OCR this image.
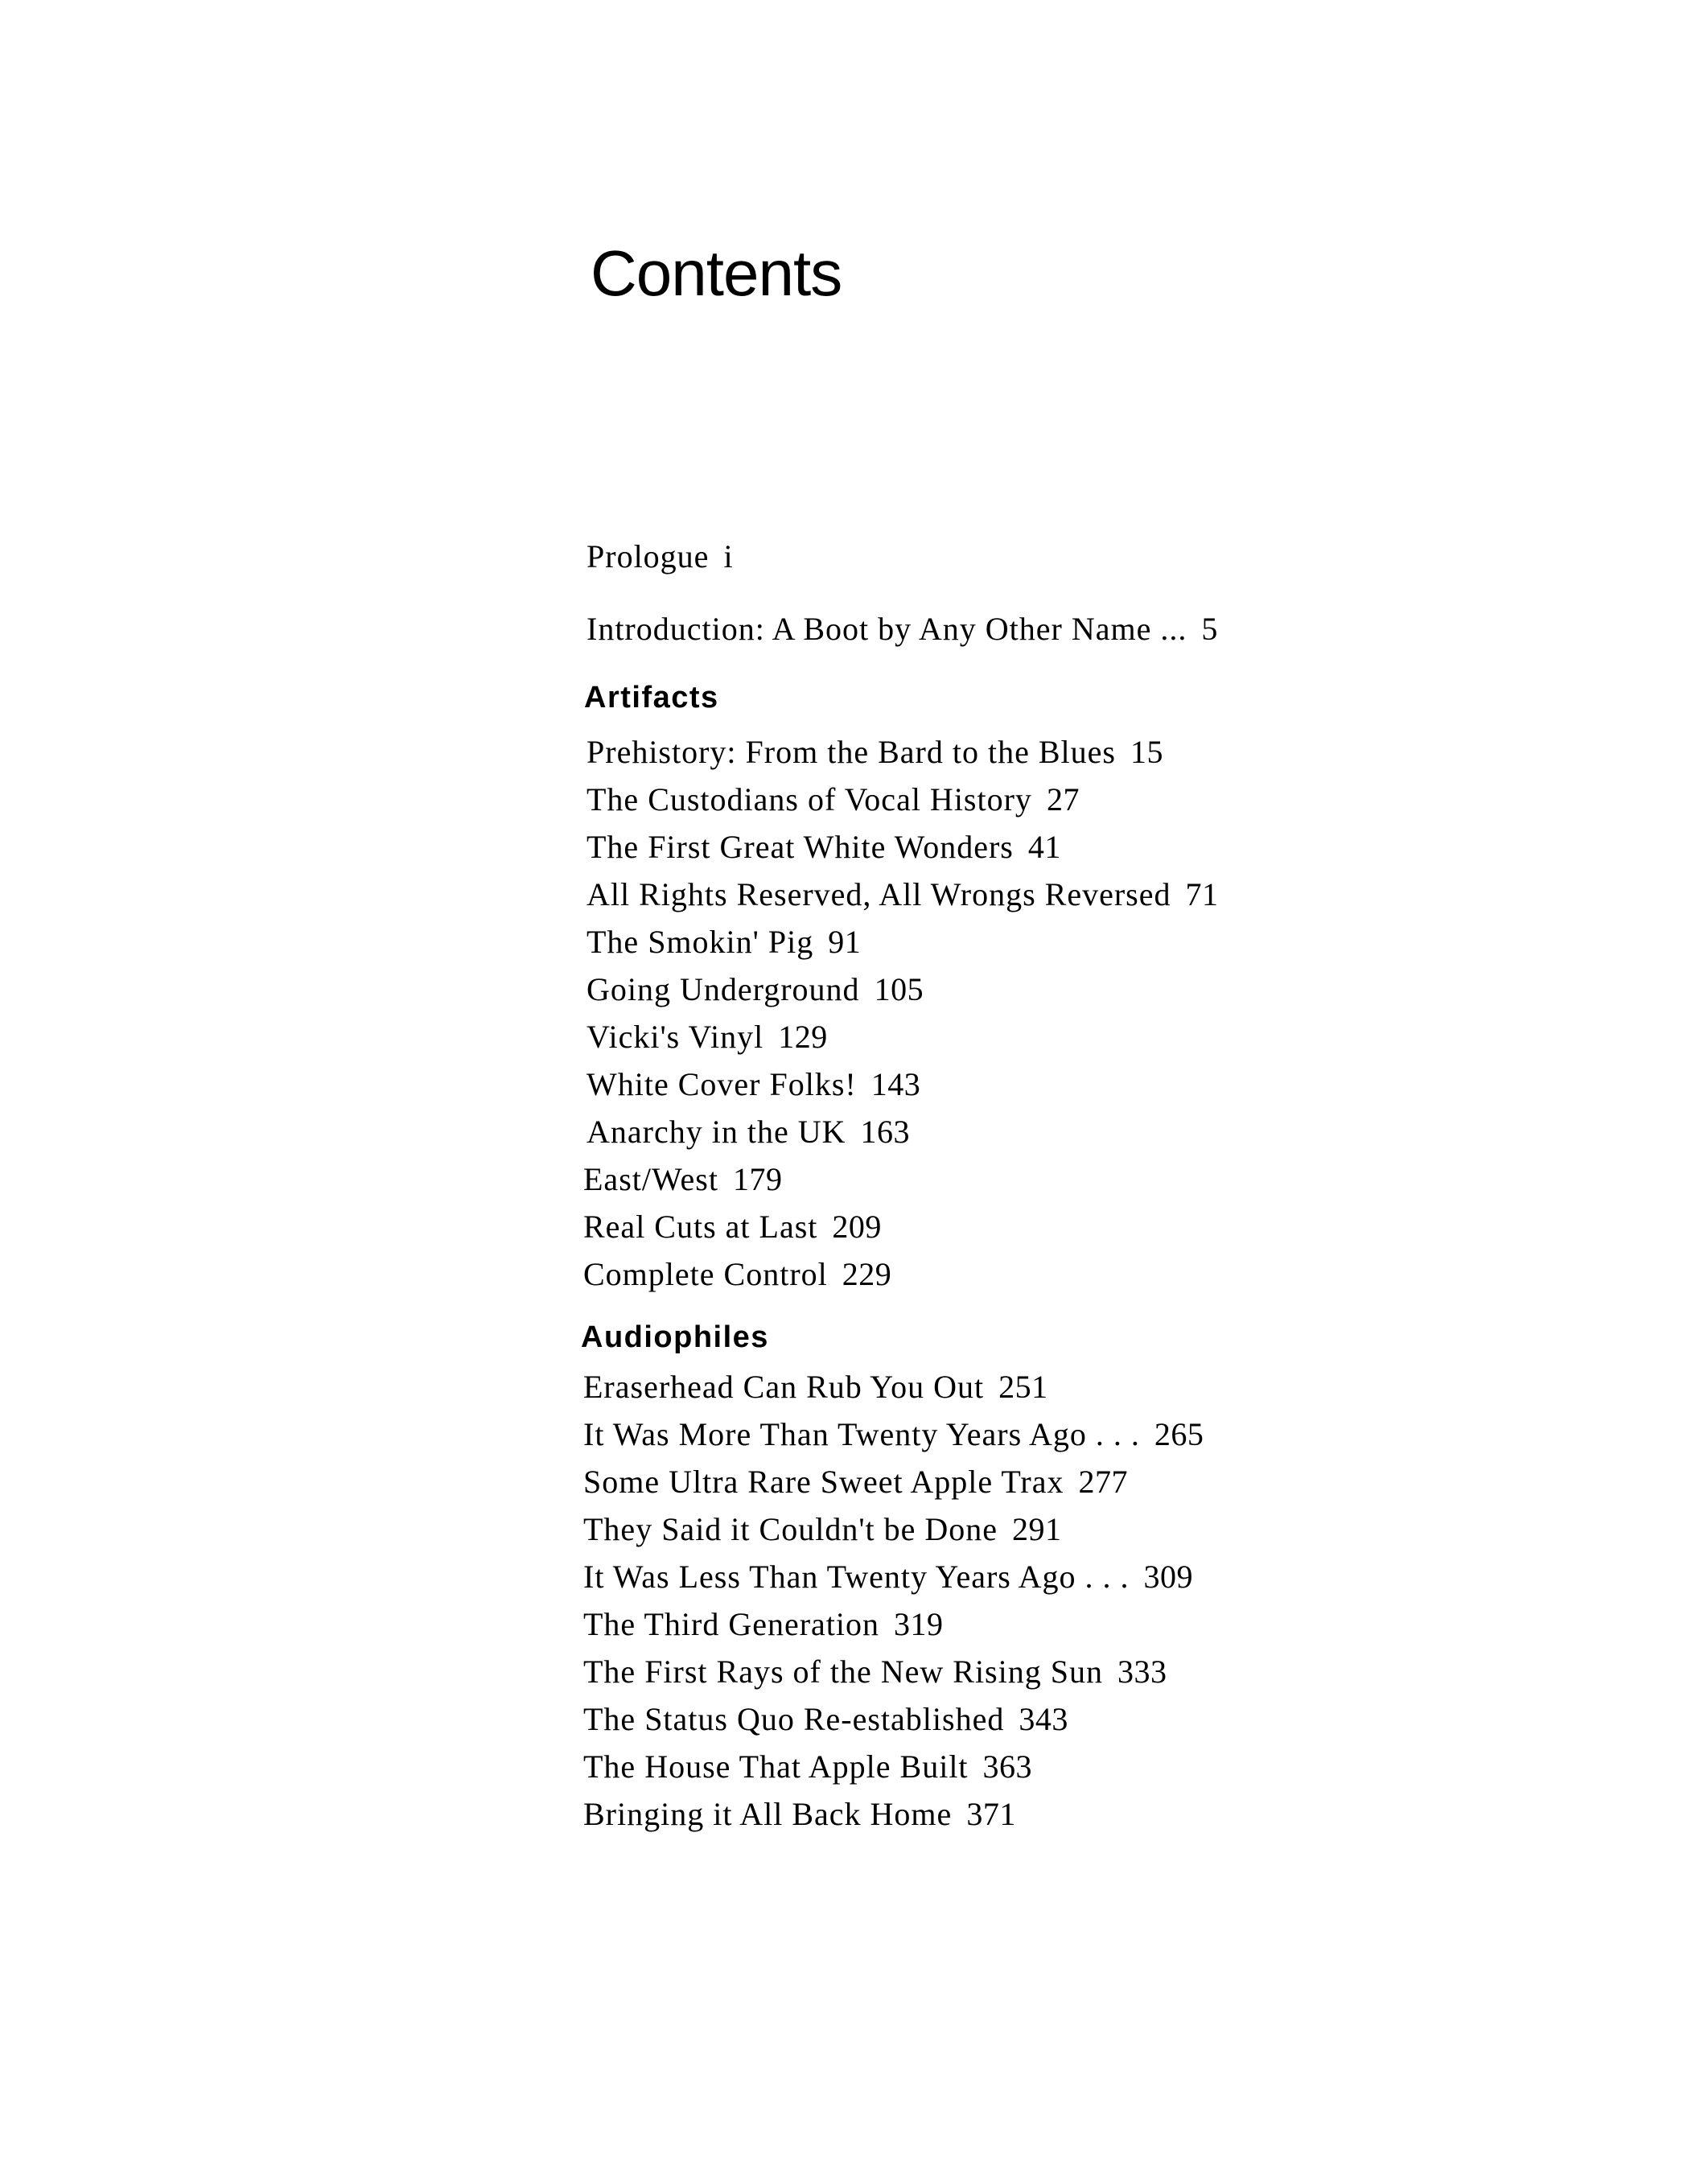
Contents

Prologue i

Introduction: A Boot by Any Other Name ... 5

Artifacts
Prehistory: From the Bard to the Blues 15
The Custodians of Vocal History 27
The First Great White Wonders 41
All Rights Reserved, All Wrongs Reversed 71
The Smokin' Pig 91
Going Underground 105
Vicki's Vinyl 129
White Cover Folks! 143
Anarchy in the UK 163
East/West 179
Real Cuts at Last 209
Complete Control 229
Audiophiles
Eraserhead Can Rub You Out 251
It Was More Than Twenty Years Ago . . . 265
Some Ultra Rare Sweet Apple Trax 277
They Said it Couldn't be Done 291
It Was Less Than Twenty Years Ago . . . 309
The Third Generation 319
The First Rays of the New Rising Sun 333
The Status Quo Re-established 343
The House That Apple Built 363
Bringing it All Back Home 371
